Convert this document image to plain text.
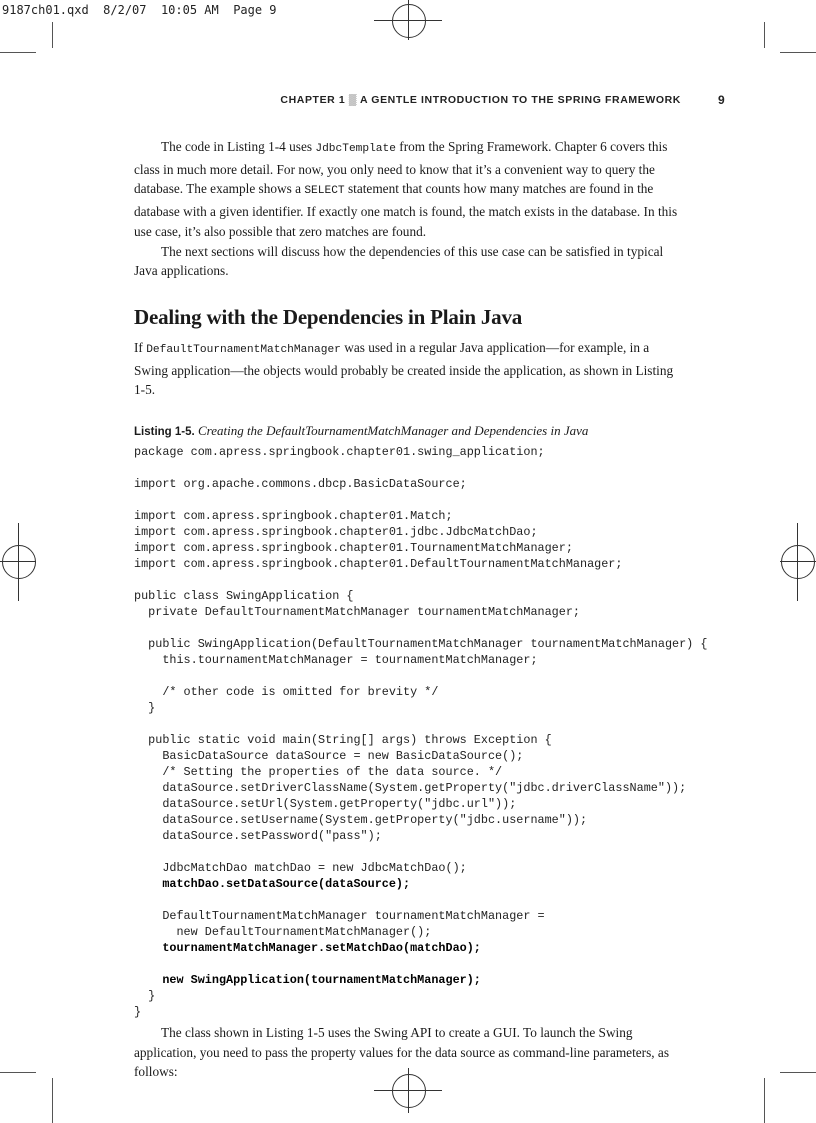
9187ch01.qxd  8/2/07  10:05 AM  Page 9
CHAPTER 1 ▒ A GENTLE INTRODUCTION TO THE SPRING FRAMEWORK	9

The code in Listing 1-4 uses JdbcTemplate from the Spring Framework. Chapter 6 covers this class in much more detail. For now, you only need to know that it’s a convenient way to query the database. The example shows a SELECT statement that counts how many matches are found in the database with a given identifier. If exactly one match is found, the match exists in the database. In this use case, it’s also possible that zero matches are found.

The next sections will discuss how the dependencies of this use case can be satisfied in typical Java applications.

Dealing with the Dependencies in Plain Java

If DefaultTournamentMatchManager was used in a regular Java application—for example, in a Swing application—the objects would probably be created inside the application, as shown in Listing 1-5.

Listing 1-5. Creating the DefaultTournamentMatchManager and Dependencies in Java
package com.apress.springbook.chapter01.swing_application;
import org.apache.commons.dbcp.BasicDataSource;
import com.apress.springbook.chapter01.Match;
import com.apress.springbook.chapter01.jdbc.JdbcMatchDao;
import com.apress.springbook.chapter01.TournamentMatchManager;
import com.apress.springbook.chapter01.DefaultTournamentMatchManager;
public class SwingApplication {
private DefaultTournamentMatchManager tournamentMatchManager;
public SwingApplication(DefaultTournamentMatchManager tournamentMatchManager) {
this.tournamentMatchManager = tournamentMatchManager;
/* other code is omitted for brevity */
}
public static void main(String[] args) throws Exception {
BasicDataSource dataSource = new BasicDataSource();
/* Setting the properties of the data source. */
dataSource.setDriverClassName(System.getProperty("jdbc.driverClassName"));
dataSource.setUrl(System.getProperty("jdbc.url"));
dataSource.setUsername(System.getProperty("jdbc.username"));
dataSource.setPassword("pass");
JdbcMatchDao matchDao = new JdbcMatchDao();
matchDao.setDataSource(dataSource);
DefaultTournamentMatchManager tournamentMatchManager =
new DefaultTournamentMatchManager();
tournamentMatchManager.setMatchDao(matchDao);
new SwingApplication(tournamentMatchManager);
}
}

The class shown in Listing 1-5 uses the Swing API to create a GUI. To launch the Swing application, you need to pass the property values for the data source as command-line parameters, as follows:
